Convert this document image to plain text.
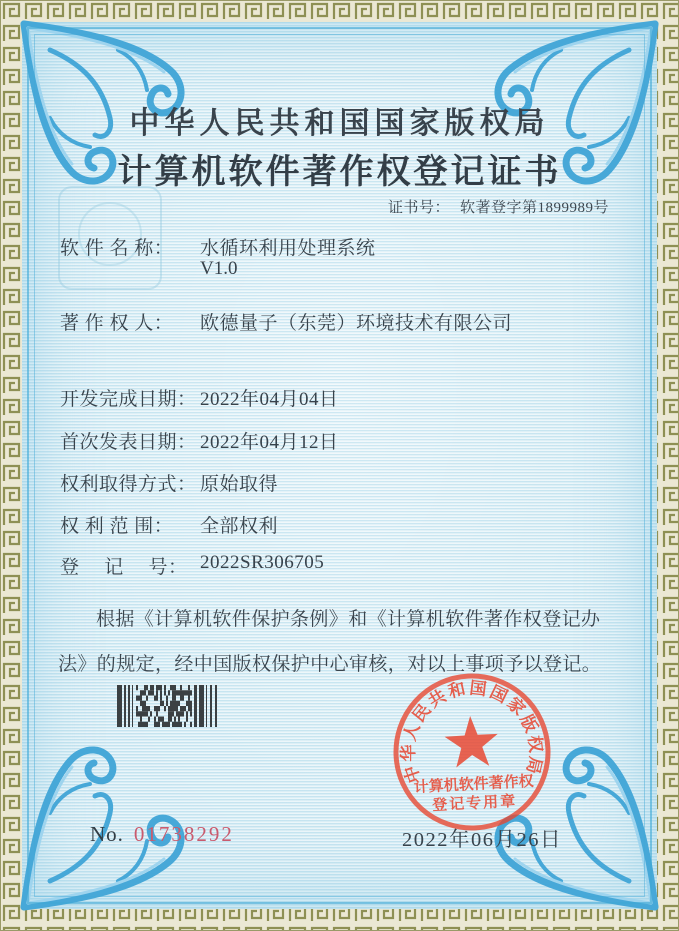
中华人民共和国国家版权局
计算机软件著作权登记证书
证书号： 软著登字第1899989号
软 件 名 称： 水循环利用处理系统
V1.0
著 作 权 人： 欧德量子（东莞）环境技术有限公司
开发完成日期： 2022年04月04日
首次发表日期： 2022年04月12日
权利取得方式： 原始取得
权 利 范 围： 全部权利
登　 记　 号： 2022SR306705
根据《计算机软件保护条例》和《计算机软件著作权登记办法》的规定，经中国版权保护中心审核，对以上事项予以登记。
No. 01738292	2022年06月26日
中华人民共和国国家版权局
计算机软件著作权
登记专用章
